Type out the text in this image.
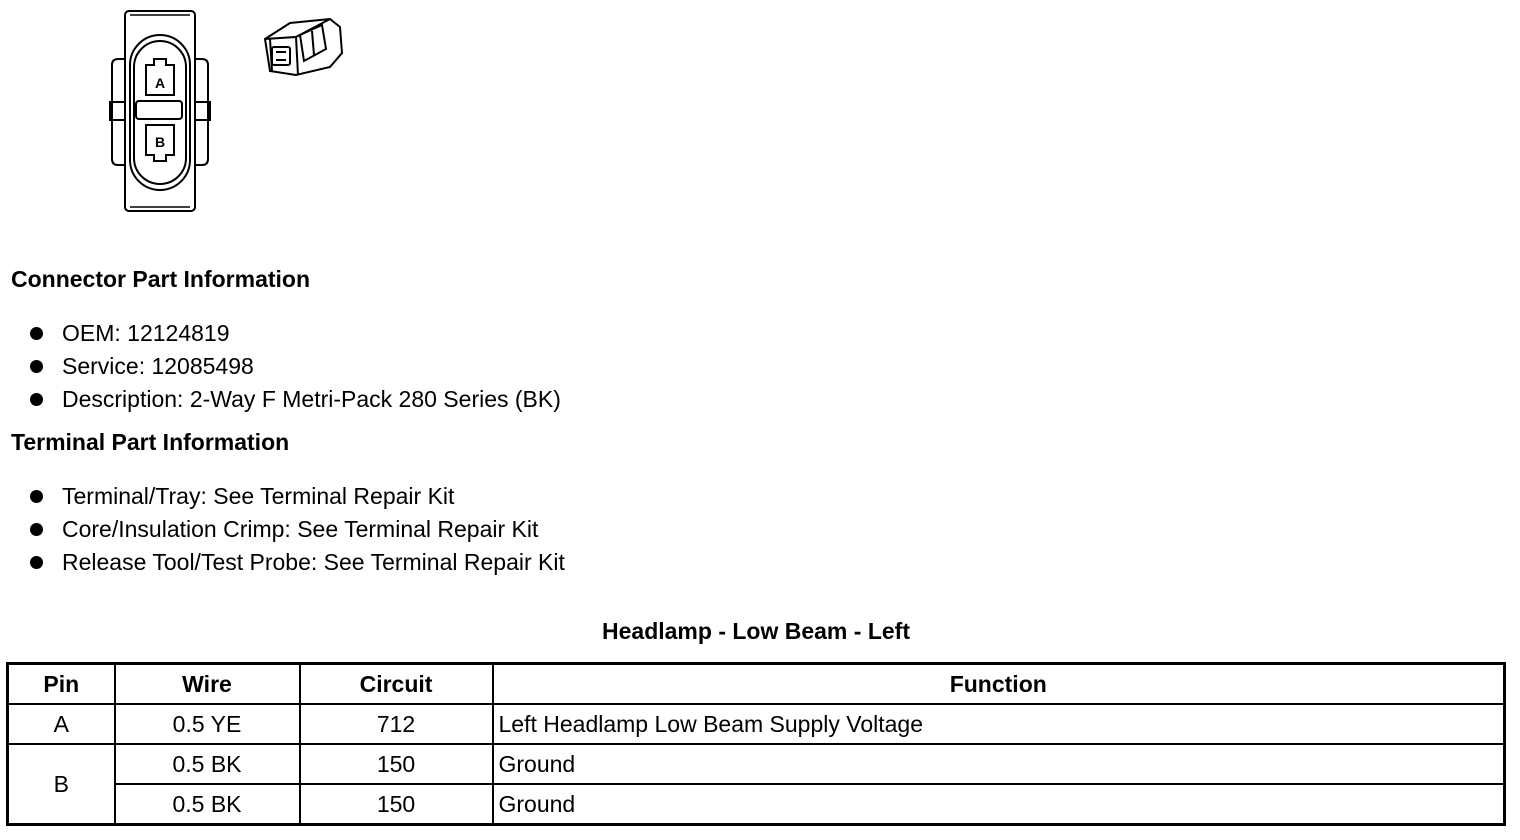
A
B
Connector Part Information
OEM: 12124819
Service: 12085498
Description: 2-Way F Metri-Pack 280 Series (BK)
Terminal Part Information
Terminal/Tray: See Terminal Repair Kit
Core/Insulation Crimp: See Terminal Repair Kit
Release Tool/Test Probe: See Terminal Repair Kit
Headlamp - Low Beam - Left
Pin	Wire	Circuit	Function
A	0.5 YE	712	Left Headlamp Low Beam Supply Voltage
B	0.5 BK	150	Ground
	0.5 BK	150	Ground
